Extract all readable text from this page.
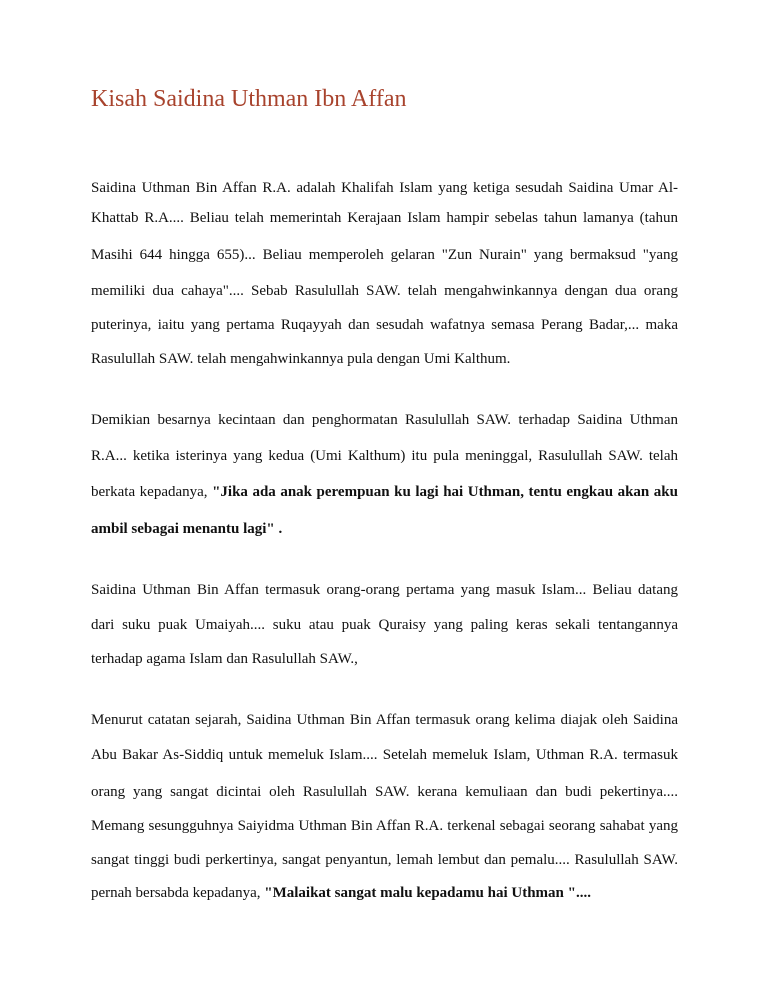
Kisah Saidina Uthman Ibn Affan
Saidina Uthman Bin Affan R.A. adalah Khalifah Islam yang ketiga sesudah Saidina Umar Al-
Khattab R.A.... Beliau telah memerintah Kerajaan Islam hampir sebelas tahun lamanya (tahun
Masihi 644 hingga 655)... Beliau memperoleh gelaran "Zun Nurain" yang bermaksud "yang
memiliki dua cahaya".... Sebab Rasulullah SAW. telah mengahwinkannya dengan dua orang
puterinya, iaitu yang pertama Ruqayyah dan sesudah wafatnya semasa Perang Badar,... maka
Rasulullah SAW. telah mengahwinkannya pula dengan Umi Kalthum.
Demikian besarnya kecintaan dan penghormatan Rasulullah SAW. terhadap Saidina Uthman
R.A... ketika isterinya yang kedua (Umi Kalthum) itu pula meninggal, Rasulullah SAW. telah
berkata kepadanya, "Jika ada anak perempuan ku lagi hai Uthman, tentu engkau akan aku
ambil sebagai menantu lagi" .
Saidina Uthman Bin Affan termasuk orang-orang pertama yang masuk Islam... Beliau datang
dari suku puak Umaiyah.... suku atau puak Quraisy yang paling keras sekali tentangannya
terhadap agama Islam dan Rasulullah SAW.,
Menurut catatan sejarah, Saidina Uthman Bin Affan termasuk orang kelima diajak oleh Saidina
Abu Bakar As-Siddiq untuk memeluk Islam.... Setelah memeluk Islam, Uthman R.A. termasuk
orang yang sangat dicintai oleh Rasulullah SAW. kerana kemuliaan dan budi pekertinya....
Memang sesungguhnya Saiyidma Uthman Bin Affan R.A. terkenal sebagai seorang sahabat yang
sangat tinggi budi perkertinya, sangat penyantun, lemah lembut dan pemalu.... Rasulullah SAW.
pernah bersabda kepadanya, "Malaikat sangat malu kepadamu hai Uthman "....
